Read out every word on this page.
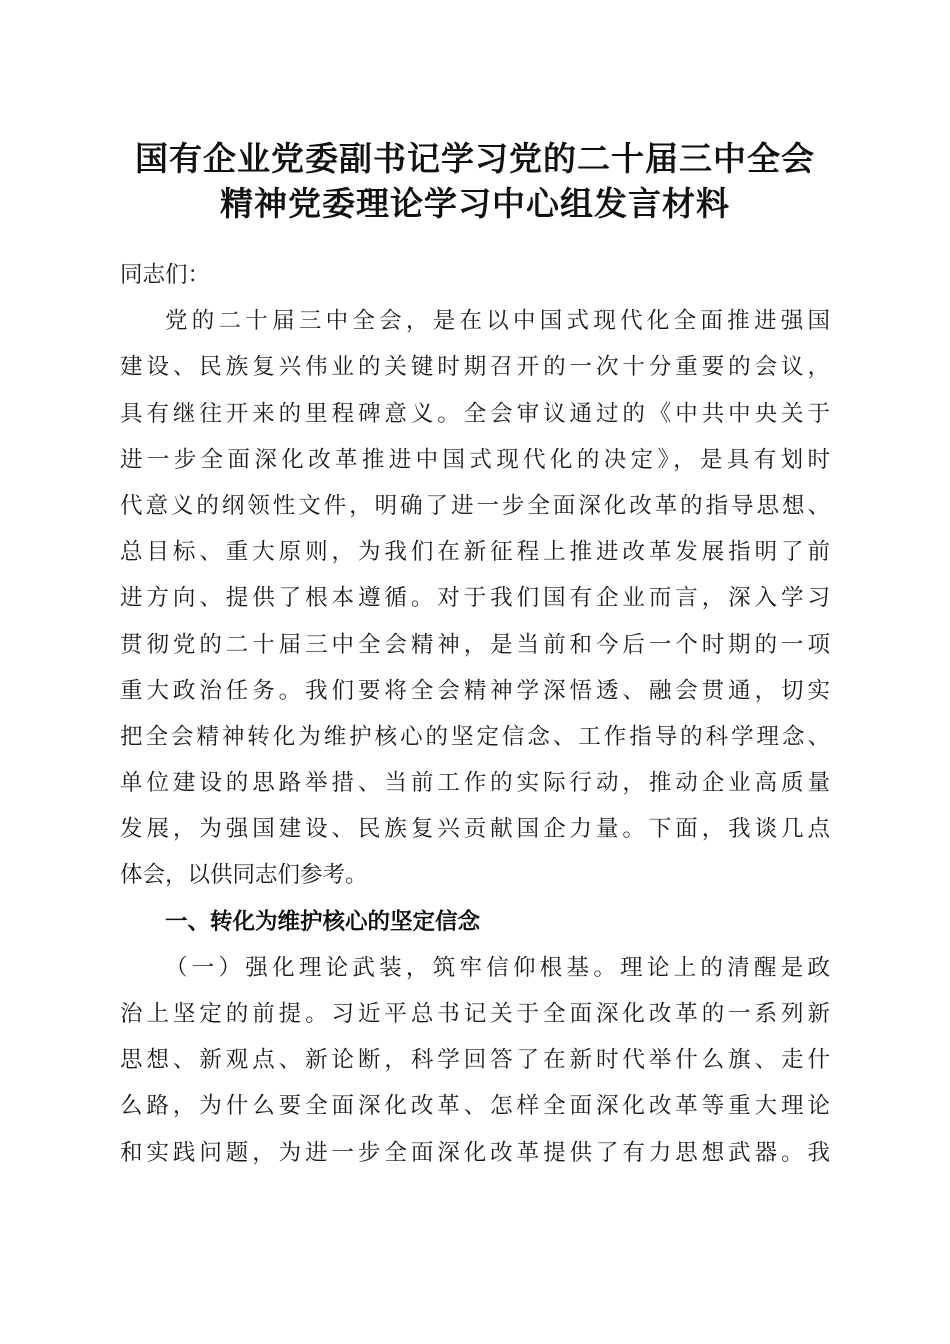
国有企业党委副书记学习党的二十届三中全会
精神党委理论学习中心组发言材料
同志们：
党的二十届三中全会，是在以中国式现代化全面推进强国
建设、民族复兴伟业的关键时期召开的一次十分重要的会议，
具有继往开来的里程碑意义。全会审议通过的《中共中央关于
进一步全面深化改革推进中国式现代化的决定》，是具有划时
代意义的纲领性文件，明确了进一步全面深化改革的指导思想、
总目标、重大原则，为我们在新征程上推进改革发展指明了前
进方向、提供了根本遵循。对于我们国有企业而言，深入学习
贯彻党的二十届三中全会精神，是当前和今后一个时期的一项
重大政治任务。我们要将全会精神学深悟透、融会贯通，切实
把全会精神转化为维护核心的坚定信念、工作指导的科学理念、
单位建设的思路举措、当前工作的实际行动，推动企业高质量
发展，为强国建设、民族复兴贡献国企力量。下面，我谈几点
体会，以供同志们参考。
一、转化为维护核心的坚定信念
（一）强化理论武装，筑牢信仰根基。理论上的清醒是政
治上坚定的前提。习近平总书记关于全面深化改革的一系列新
思想、新观点、新论断，科学回答了在新时代举什么旗、走什
么路，为什么要全面深化改革、怎样全面深化改革等重大理论
和实践问题，为进一步全面深化改革提供了有力思想武器。我
